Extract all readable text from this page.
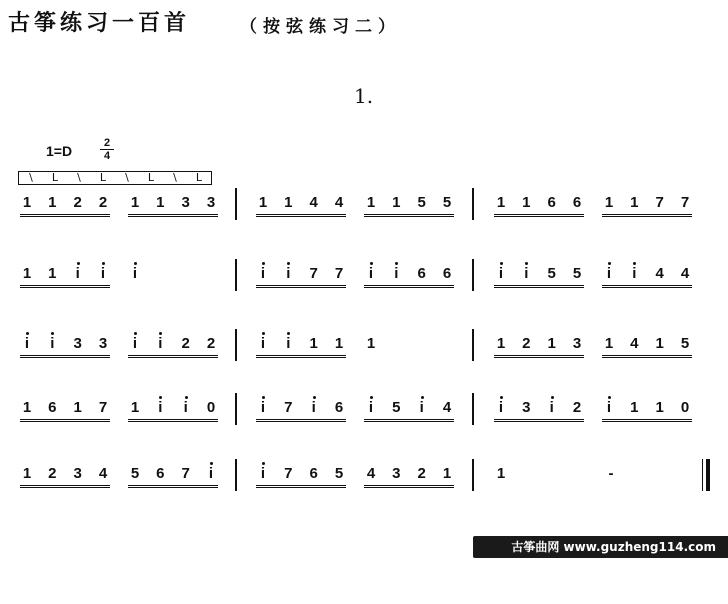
古筝练习一百首	（按弦练习二）
1.
1=D	$\frac{2}{4}$
\	L	\	L	\	L	\	L
1 1 2 2 1 1 3 3	1 1 4 4 1 1 5 5	1 1 6 6 1 1 7 7
1 1 i i i	i i 7 7 i i 6 6	i i 5 5 i i 4 4
i i 3 3 i i 2 2	i i 1 1 1	1 2 1 3 1 4 1 5
1 6 1 7 1 i i 0	i 7 i 6 i 5 i 4	i 3 i 2 i 1 1 0
1 2 3 4 5 6 7 i	i 7 6 5 4 3 2 1	1	-
古筝曲网 www.guzheng114.com
